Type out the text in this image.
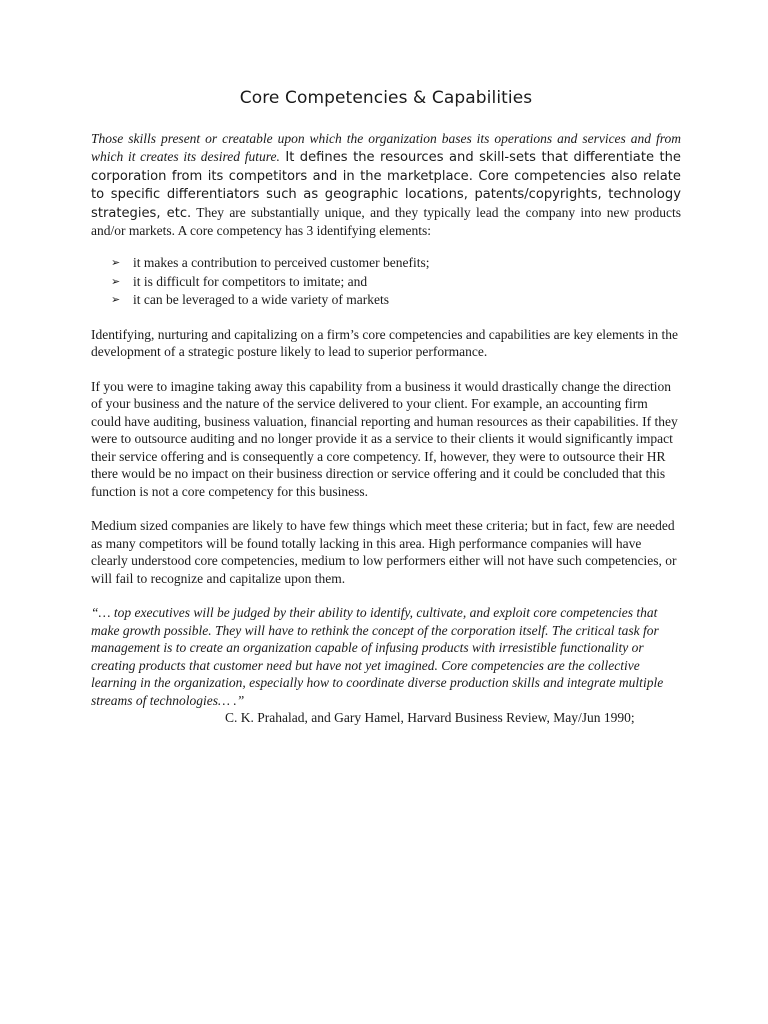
Core Competencies & Capabilities

Those skills present or creatable upon which the organization bases its operations and services and from which it creates its desired future. It defines the resources and skill-sets that differentiate the corporation from its competitors and in the marketplace. Core competencies also relate to specific differentiators such as geographic locations, patents/copyrights, technology strategies, etc. They are substantially unique, and they typically lead the company into new products and/or markets. A core competency has 3 identifying elements:

➢ it makes a contribution to perceived customer benefits;
➢ it is difficult for competitors to imitate; and
➢ it can be leveraged to a wide variety of markets

Identifying, nurturing and capitalizing on a firm’s core competencies and capabilities are key elements in the development of a strategic posture likely to lead to superior performance.

If you were to imagine taking away this capability from a business it would drastically change the direction of your business and the nature of the service delivered to your client. For example, an accounting firm could have auditing, business valuation, financial reporting and human resources as their capabilities. If they were to outsource auditing and no longer provide it as a service to their clients it would significantly impact their service offering and is consequently a core competency. If, however, they were to outsource their HR there would be no impact on their business direction or service offering and it could be concluded that this function is not a core competency for this business.

Medium sized companies are likely to have few things which meet these criteria; but in fact, few are needed as many competitors will be found totally lacking in this area. High performance companies will have clearly understood core competencies, medium to low performers either will not have such competencies, or will fail to recognize and capitalize upon them.

“… top executives will be judged by their ability to identify, cultivate, and exploit core competencies that make growth possible. They will have to rethink the concept of the corporation itself. The critical task for management is to create an organization capable of infusing products with irresistible functionality or creating products that customer need but have not yet imagined. Core competencies are the collective learning in the organization, especially how to coordinate diverse production skills and integrate multiple streams of technologies… .”

C. K. Prahalad, and Gary Hamel, Harvard Business Review, May/Jun 1990;
